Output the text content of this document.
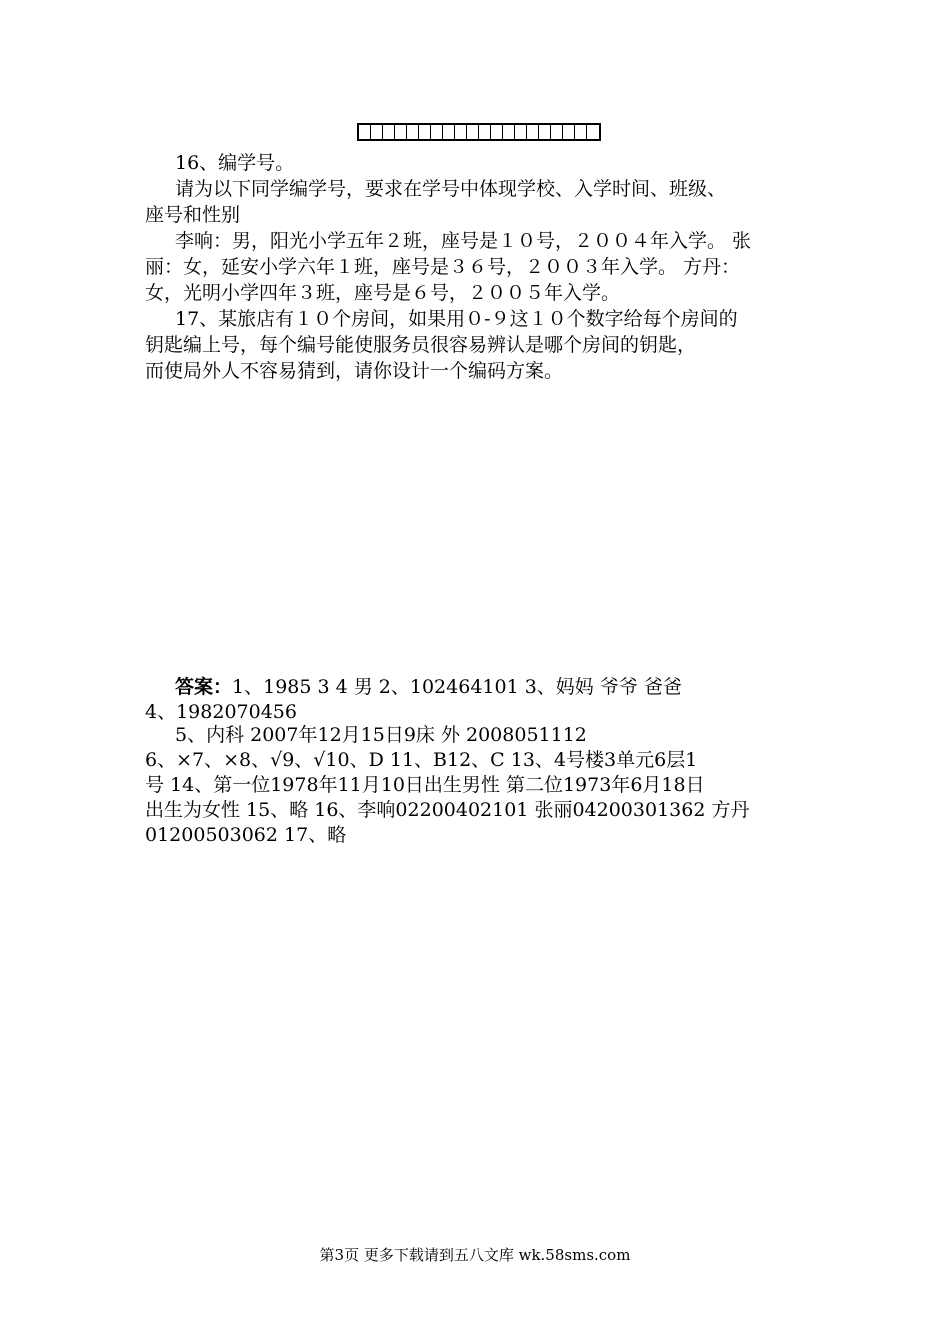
16、编学号。
请为以下同学编学号，要求在学号中体现学校、入学时间、班级、
座号和性别
李响：男，阳光小学五年２班，座号是１０号，２００４年入学。 张
丽：女，延安小学六年１班，座号是３６号，２００３年入学。 方丹：
女，光明小学四年３班，座号是６号，２００５年入学。
17、某旅店有１０个房间，如果用０-９这１０个数字给每个房间的
钥匙编上号，每个编号能使服务员很容易辨认是哪个房间的钥匙，
而使局外人不容易猜到，请你设计一个编码方案。
答案：1、1985 3 4 男 2、102464101 3、妈妈 爷爷 爸爸
4、1982070456
5、内科 2007年12月15日9床 外 2008051112
6、×7、×8、√9、√10、D 11、B12、C 13、4号楼3单元6层1
号 14、第一位1978年11月10日出生男性 第二位1973年6月18日
出生为女性 15、略 16、李响02200402101 张丽04200301362 方丹
01200503062 17、略
第3页 更多下载请到五八文库 wk.58sms.com
